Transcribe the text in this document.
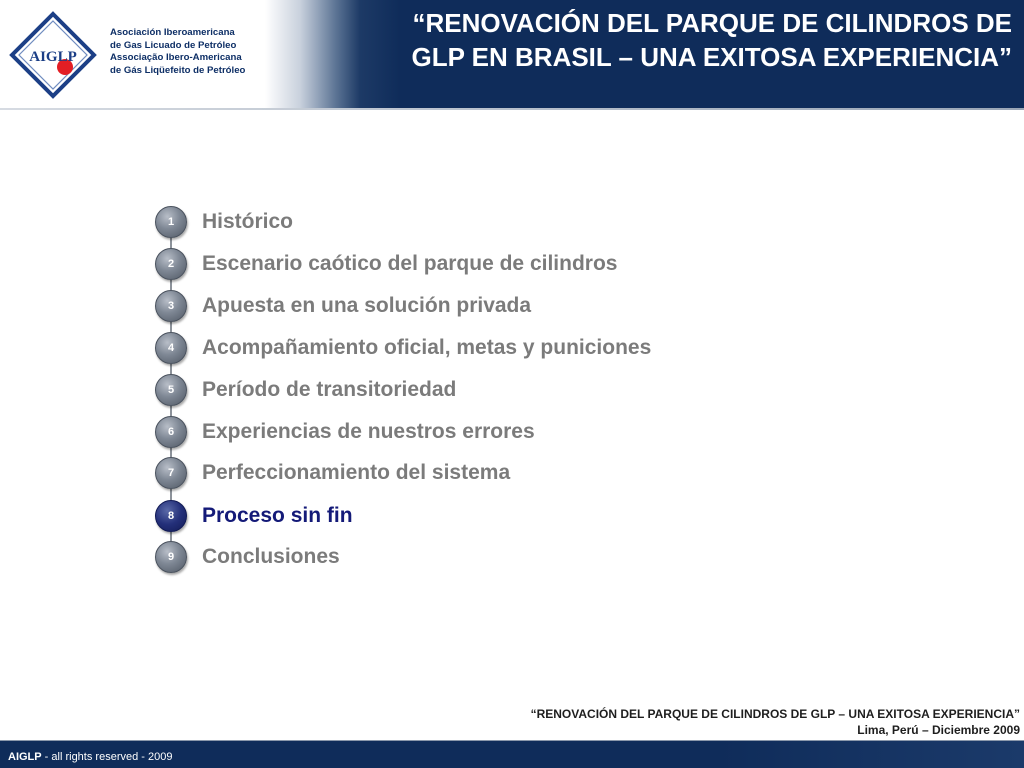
AIGLP
Asociación Iberoamericana
de Gas Licuado de Petróleo
Associação Ibero-Americana
de Gás Liqüefeito de Petróleo
“RENOVACIÓN DEL PARQUE DE CILINDROS DE
GLP EN BRASIL – UNA EXITOSA EXPERIENCIA”
1	Histórico
2	Escenario caótico del parque de cilindros
3	Apuesta en una solución privada
4	Acompañamiento oficial, metas y puniciones
5	Período de transitoriedad
6	Experiencias de nuestros errores
7	Perfeccionamiento del sistema
8	Proceso sin fin
9	Conclusiones
“RENOVACIÓN DEL PARQUE DE CILINDROS DE GLP – UNA EXITOSA EXPERIENCIA”
Lima, Perú – Diciembre 2009
AIGLP - all rights reserved - 2009
